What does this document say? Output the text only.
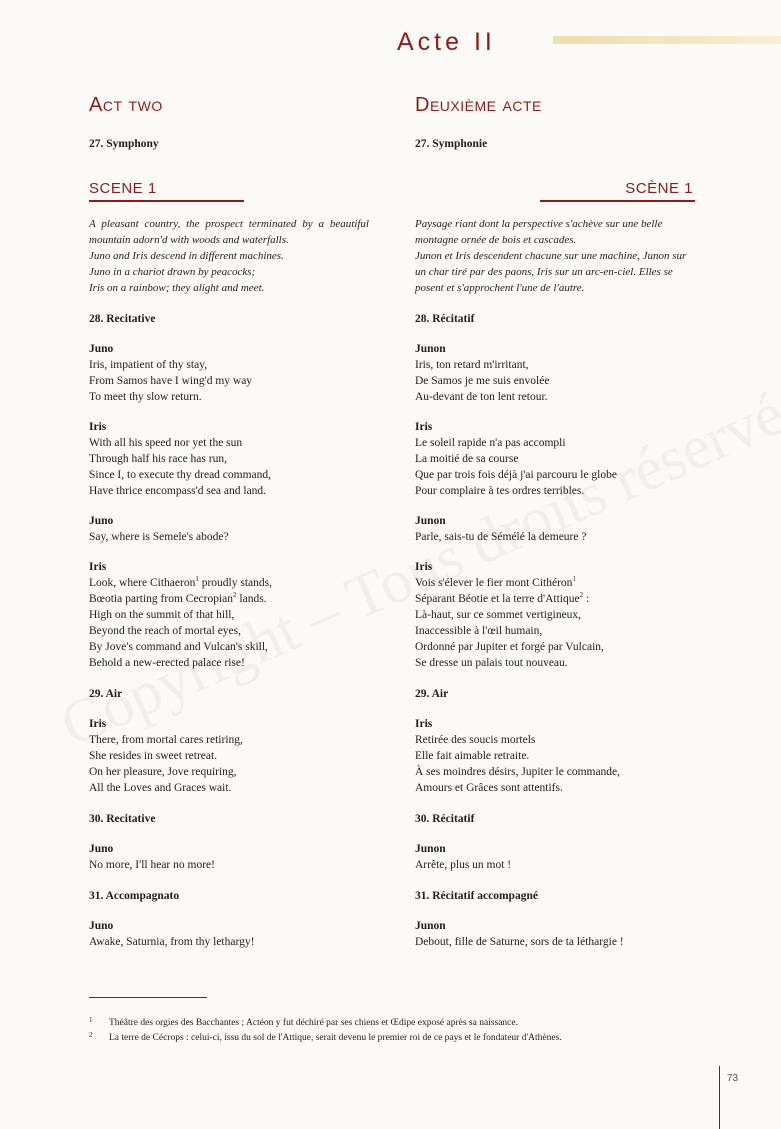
Acte II
Act two
27. Symphony
SCENE 1
A pleasant country, the prospect terminated by a beautiful mountain adorn'd with woods and waterfalls.
Juno and Iris descend in different machines.
Juno in a chariot drawn by peacocks;
Iris on a rainbow; they alight and meet.
28. Recitative
Juno
Iris, impatient of thy stay,
From Samos have I wing'd my way
To meet thy slow return.
Iris
With all his speed nor yet the sun
Through half his race has run,
Since I, to execute thy dread command,
Have thrice encompass'd sea and land.
Juno
Say, where is Semele's abode?
Iris
Look, where Cithaeron$^1$ proudly stands,
Bœotia parting from Cecropian$^2$ lands.
High on the summit of that hill,
Beyond the reach of mortal eyes,
By Jove's command and Vulcan's skill,
Behold a new-erected palace rise!
29. Air
Iris
There, from mortal cares retiring,
She resides in sweet retreat.
On her pleasure, Jove requiring,
All the Loves and Graces wait.
30. Recitative
Juno
No more, I'll hear no more!
31. Accompagnato
Juno
Awake, Saturnia, from thy lethargy!
Deuxième acte
27. Symphonie
SCÈNE 1
Paysage riant dont la perspective s'achève sur une belle montagne ornée de bois et cascades.
Junon et Iris descendent chacune sur une machine, Junon sur un char tiré par des paons, Iris sur un arc-en-ciel. Elles se posent et s'approchent l'une de l'autre.
28. Récitatif
Junon
Iris, ton retard m'irritant,
De Samos je me suis envolée
Au-devant de ton lent retour.
Iris
Le soleil rapide n'a pas accompli
La moitié de sa course
Que par trois fois déjà j'ai parcouru le globe
Pour complaire à tes ordres terribles.
Junon
Parle, sais-tu de Sémélé la demeure ?
Iris
Vois s'élever le fier mont Cithéron$^1$
Séparant Béotie et la terre d'Attique$^2$ :
Là-haut, sur ce sommet vertigineux,
Inaccessible à l'œil humain,
Ordonné par Jupiter et forgé par Vulcain,
Se dresse un palais tout nouveau.
29. Air
Iris
Retirée des soucis mortels
Elle fait aimable retraite.
À ses moindres désirs, Jupiter le commande,
Amours et Grâces sont attentifs.
30. Récitatif
Junon
Arrête, plus un mot !
31. Récitatif accompagné
Junon
Debout, fille de Saturne, sors de ta léthargie !
1 Théâtre des orgies des Bacchantes ; Actéon y fut déchiré par ses chiens et Œdipe exposé après sa naissance.
2 La terre de Cécrops : celui-ci, issu du sol de l'Attique, serait devenu le premier roi de ce pays et le fondateur d'Athènes.
73
